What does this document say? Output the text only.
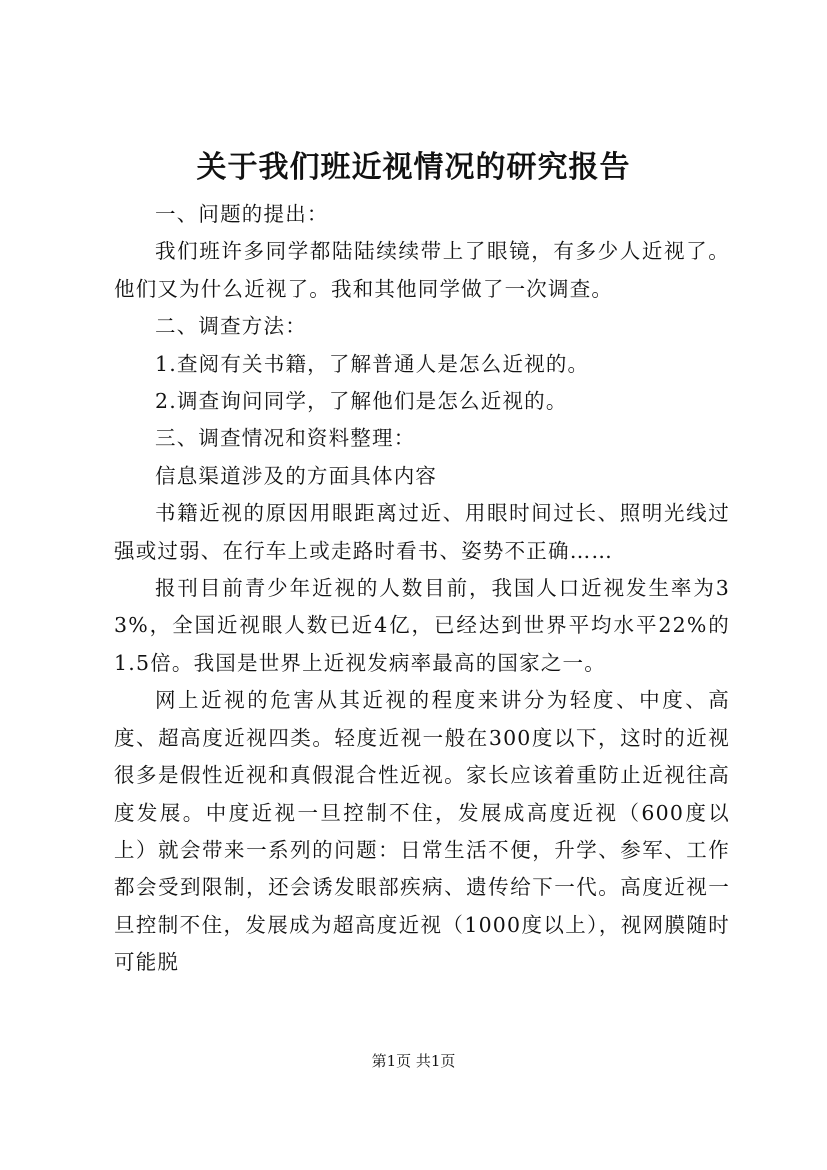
关于我们班近视情况的研究报告

一、问题的提出：

我们班许多同学都陆陆续续带上了眼镜，有多少人近视了。他们又为什么近视了。我和其他同学做了一次调查。

二、调查方法：

1.查阅有关书籍，了解普通人是怎么近视的。

2.调查询问同学，了解他们是怎么近视的。

三、调查情况和资料整理：

信息渠道涉及的方面具体内容

书籍近视的原因用眼距离过近、用眼时间过长、照明光线过强或过弱、在行车上或走路时看书、姿势不正确……

报刊目前青少年近视的人数目前，我国人口近视发生率为33%，全国近视眼人数已近4亿，已经达到世界平均水平22%的1.5倍。我国是世界上近视发病率最高的国家之一。

网上近视的危害从其近视的程度来讲分为轻度、中度、高度、超高度近视四类。轻度近视一般在300度以下，这时的近视很多是假性近视和真假混合性近视。家长应该着重防止近视往高度发展。中度近视一旦控制不住，发展成高度近视（600度以上）就会带来一系列的问题：日常生活不便，升学、参军、工作都会受到限制，还会诱发眼部疾病、遗传给下一代。高度近视一旦控制不住，发展成为超高度近视（1000度以上），视网膜随时可能脱

第1页 共1页
